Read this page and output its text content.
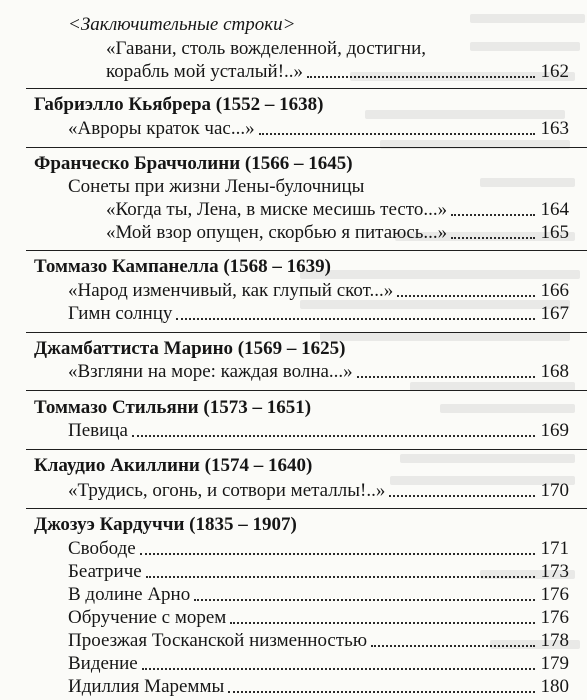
<Заключительные строки>
«Гавани, столь вожделенной, достигни,
корабль мой усталый!..»	162
Габриэлло Кьябрера (1552 – 1638)
«Авроры краток час...»	163
Франческо Браччолини (1566 – 1645)
Сонеты при жизни Лены-булочницы
«Когда ты, Лена, в миске месишь тесто...»	164
«Мой взор опущен, скорбью я питаюсь...»	165
Томмазо Кампанелла (1568 – 1639)
«Народ изменчивый, как глупый скот...»	166
Гимн солнцу	167
Джамбаттиста Марино (1569 – 1625)
«Взгляни на море: каждая волна...»	168
Томмазо Стильяни (1573 – 1651)
Певица	169
Клаудио Акиллини (1574 – 1640)
«Трудись, огонь, и сотвори металлы!..»	170
Джозуэ Кардуччи (1835 – 1907)
Свободе	171
Беатриче	173
В долине Арно	176
Обручение с морем	176
Проезжая Тосканской низменностью	178
Видение	179
Идиллия Мареммы	180
